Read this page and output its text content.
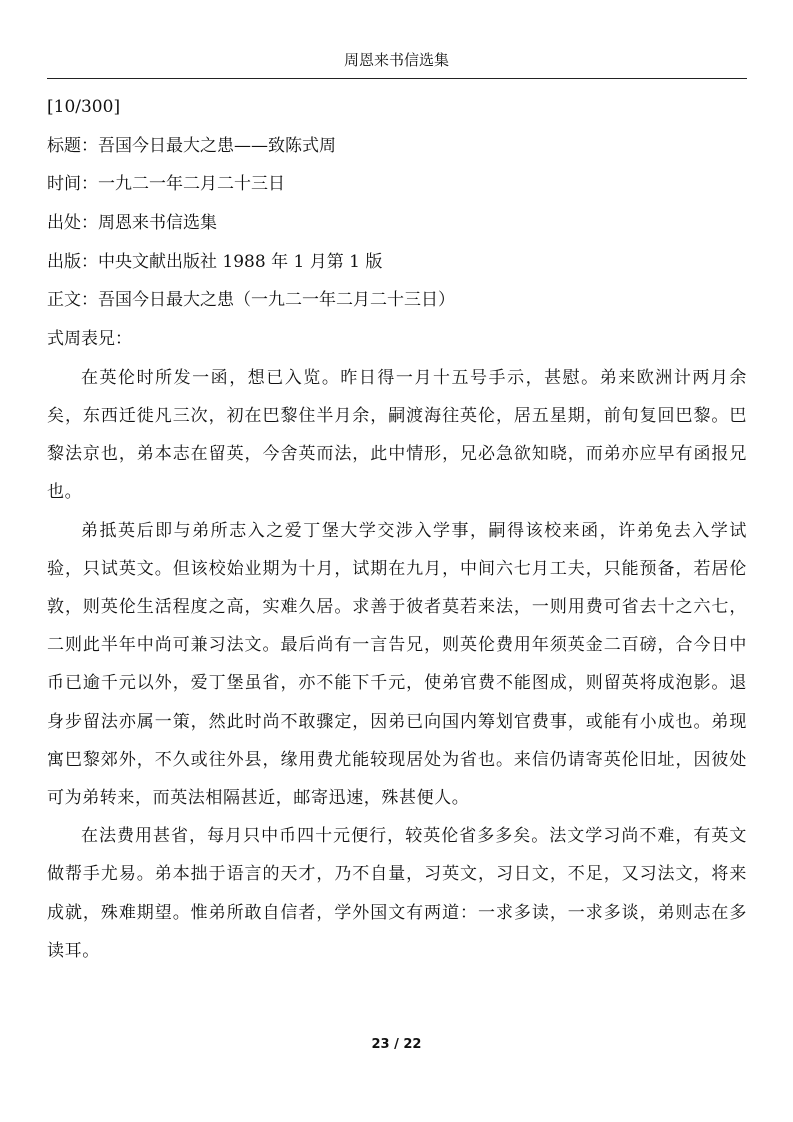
周恩来书信选集

[10/300]

标题：吾国今日最大之患——致陈式周

时间：一九二一年二月二十三日

出处：周恩来书信选集

出版：中央文献出版社 1988 年 1 月第 1 版

正文：吾国今日最大之患（一九二一年二月二十三日）

式周表兄：

在英伦时所发一函，想已入览。昨日得一月十五号手示，甚慰。弟来欧洲计两月余矣，东西迁徙凡三次，初在巴黎住半月余，嗣渡海往英伦，居五星期，前旬复回巴黎。巴黎法京也，弟本志在留英，今舍英而法，此中情形，兄必急欲知晓，而弟亦应早有函报兄也。

弟抵英后即与弟所志入之爱丁堡大学交涉入学事，嗣得该校来函，许弟免去入学试验，只试英文。但该校始业期为十月，试期在九月，中间六七月工夫，只能预备，若居伦敦，则英伦生活程度之高，实难久居。求善于彼者莫若来法，一则用费可省去十之六七，二则此半年中尚可兼习法文。最后尚有一言告兄，则英伦费用年须英金二百磅，合今日中币已逾千元以外，爱丁堡虽省，亦不能下千元，使弟官费不能图成，则留英将成泡影。退身步留法亦属一策，然此时尚不敢骤定，因弟已向国内筹划官费事，或能有小成也。弟现寓巴黎郊外，不久或往外县，缘用费尤能较现居处为省也。来信仍请寄英伦旧址，因彼处可为弟转来，而英法相隔甚近，邮寄迅速，殊甚便人。

在法费用甚省，每月只中币四十元便行，较英伦省多多矣。法文学习尚不难，有英文做帮手尤易。弟本拙于语言的天才，乃不自量，习英文，习日文，不足，又习法文，将来成就，殊难期望。惟弟所敢自信者，学外国文有两道：一求多读，一求多谈，弟则志在多读耳。

23 / 22
